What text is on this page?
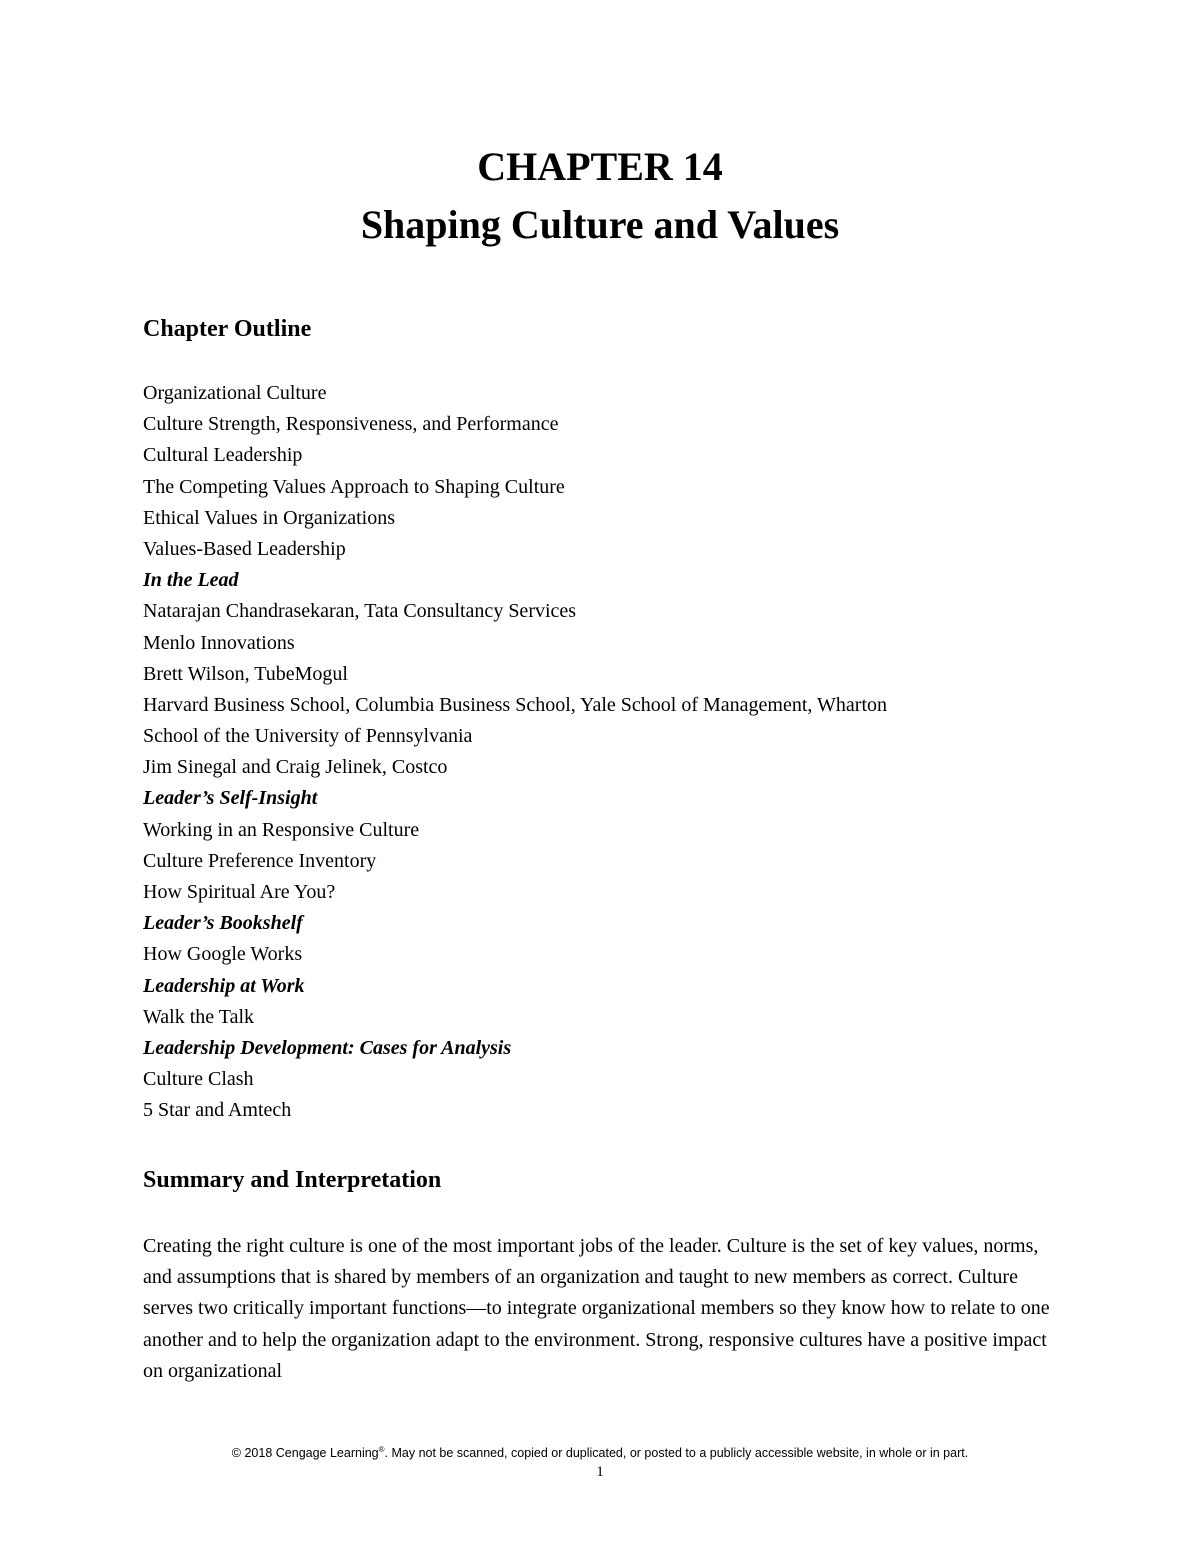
CHAPTER 14
Shaping Culture and Values
Chapter Outline
Organizational Culture
Culture Strength, Responsiveness, and Performance
Cultural Leadership
The Competing Values Approach to Shaping Culture
Ethical Values in Organizations
Values-Based Leadership
In the Lead
Natarajan Chandrasekaran, Tata Consultancy Services
Menlo Innovations
Brett Wilson, TubeMogul
Harvard Business School, Columbia Business School, Yale School of Management, Wharton
School of the University of Pennsylvania
Jim Sinegal and Craig Jelinek, Costco
Leader’s Self-Insight
Working in an Responsive Culture
Culture Preference Inventory
How Spiritual Are You?
Leader’s Bookshelf
How Google Works
Leadership at Work
Walk the Talk
Leadership Development: Cases for Analysis
Culture Clash
5 Star and Amtech
Summary and Interpretation

Creating the right culture is one of the most important jobs of the leader. Culture is the set of key values, norms, and assumptions that is shared by members of an organization and taught to new members as correct. Culture serves two critically important functions—to integrate organizational members so they know how to relate to one another and to help the organization adapt to the environment. Strong, responsive cultures have a positive impact on organizational

© 2018 Cengage Learning®. May not be scanned, copied or duplicated, or posted to a publicly accessible website, in whole or in part.
1
